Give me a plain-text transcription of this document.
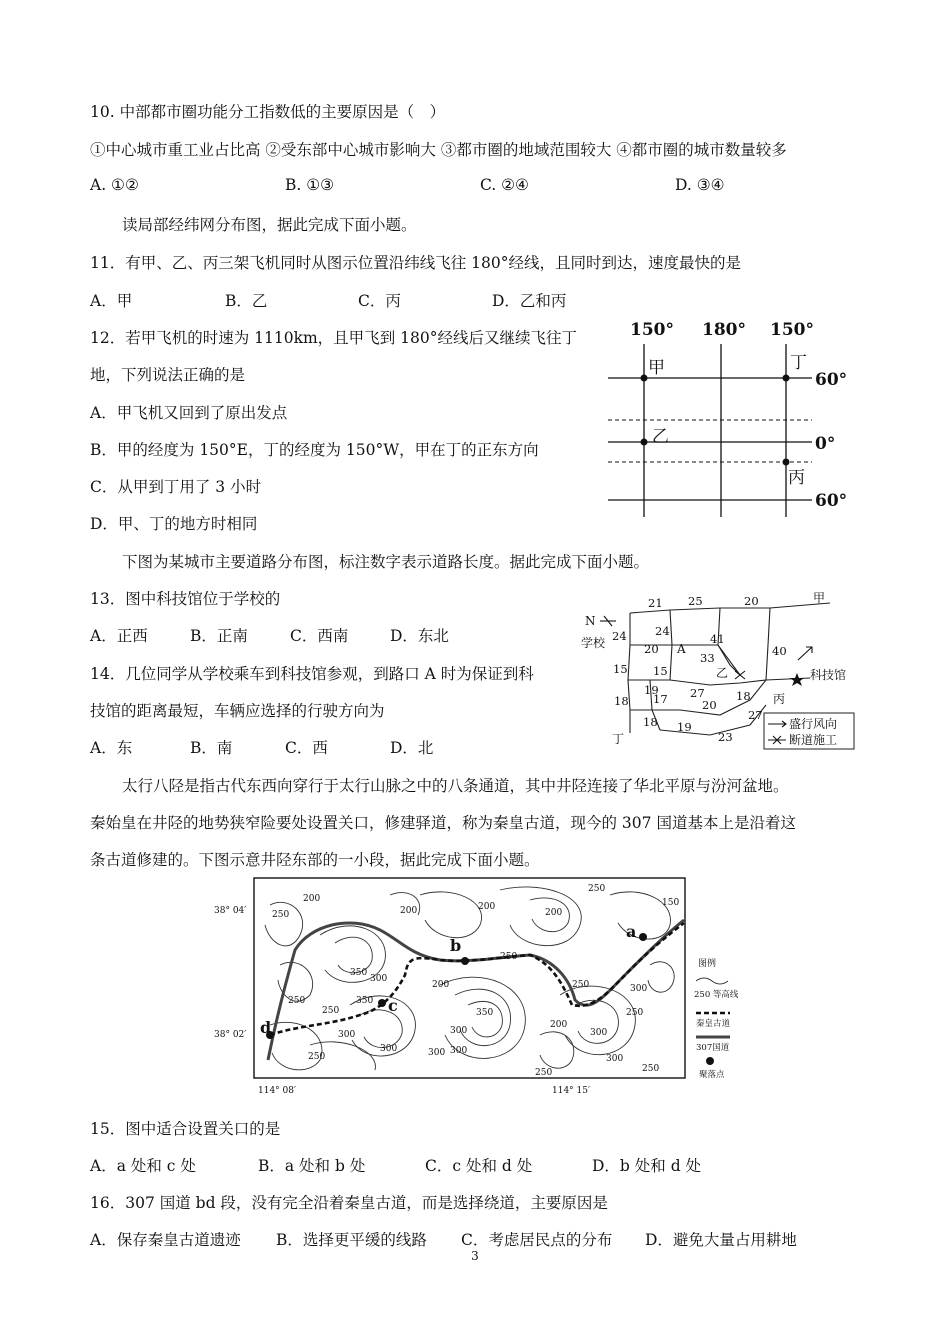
10. 中部都市圈功能分工指数低的主要原因是（　）
①中心城市重工业占比高 ②受东部中心城市影响大 ③都市圈的地域范围较大 ④都市圈的城市数量较多
A. ①②	B. ①③	C. ②④	D. ③④
读局部经纬网分布图，据此完成下面小题。
11．有甲、乙、丙三架飞机同时从图示位置沿纬线飞往 180°经线，且同时到达，速度最快的是
A．甲	B．乙	C．丙	D．乙和丙
12．若甲飞机的时速为 1110km，且甲飞到 180°经线后又继续飞往丁
地，下列说法正确的是
A．甲飞机又回到了原出发点
B．甲的经度为 150°E，丁的经度为 150°W，甲在丁的正东方向
C．从甲到丁用了 3 小时
D．甲、丁的地方时相同
150° 180° 150°
60°
0°
60°
甲	丁
乙
丙
下图为某城市主要道路分布图，标注数字表示道路长度。据此完成下面小题。
13．图中科技馆位于学校的
A．正西	B．正南	C．西南	D．东北
14．几位同学从学校乘车到科技馆参观，到路口 A 时为保证到科
技馆的距离最短，车辆应选择的行驶方向为
A．东	B．南	C．西	D．北
21 25	20
24 24
20
41
33	40
15 15
19
17 27
20
18
27
18
18 19
23
N
学校	A
科技馆
甲
乙
丙
丁
盛行风向
断道施工
太行八陉是指古代东西向穿行于太行山脉之中的八条通道，其中井陉连接了华北平原与汾河盆地。
秦始皇在井陉的地势狭窄险要处设置关口，修建驿道，称为秦皇古道，现今的 307 国道基本上是沿着这
条古道修建的。下图示意井陉东部的一小段，据此完成下面小题。
d
c
b
a
250
200
200	200	150
250
200
350
300
250	350
250
300
200
300
350
300
250
300	300
200
250
250
300
300
250
300
250
250
38° 04′
38° 02′
114° 08′	114° 15′
图例
250 等高线
秦皇古道
307国道
聚落点
15．图中适合设置关口的是
A．a 处和 c 处	B．a 处和 b 处	C．c 处和 d 处	D．b 处和 d 处
16．307 国道 bd 段，没有完全沿着秦皇古道，而是选择绕道，主要原因是
A．保存秦皇古道遗迹 B．选择更平缓的线路 C．考虑居民点的分布 D．避免大量占用耕地
3
